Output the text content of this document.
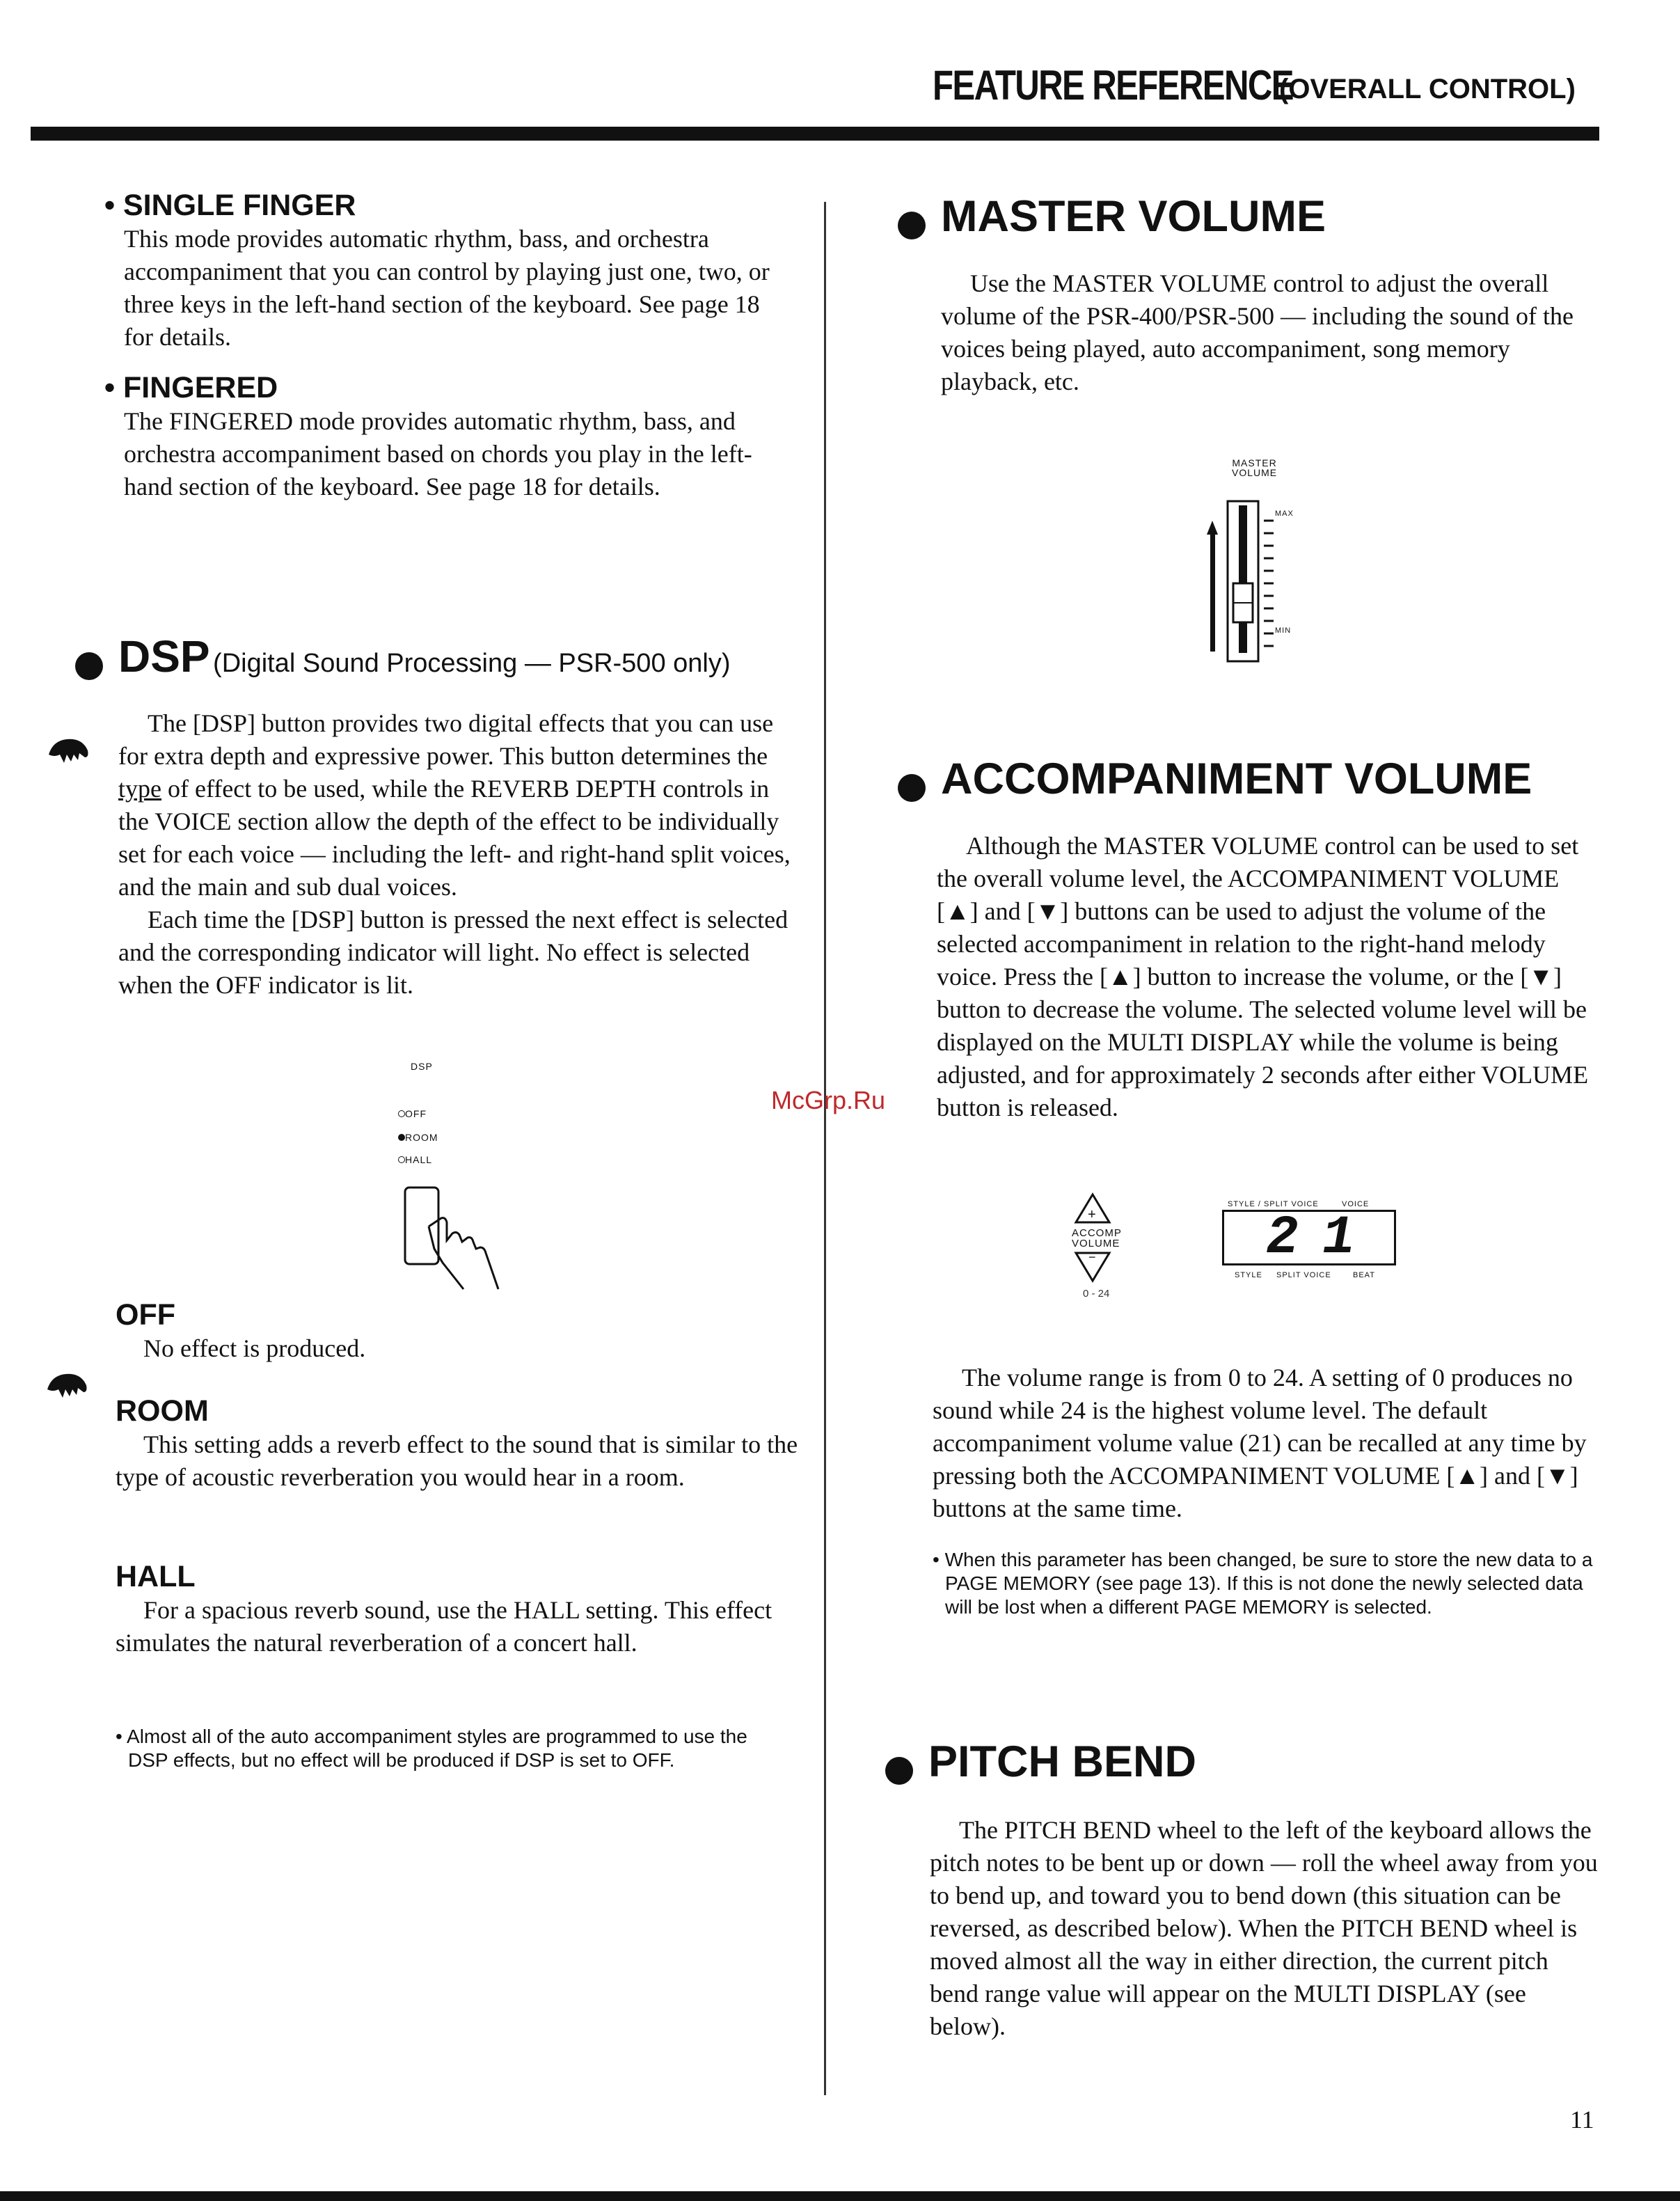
FEATURE REFERENCE
(OVERALL CONTROL)
• SINGLE FINGER

This mode provides automatic rhythm, bass, and orchestra accompaniment that you can control by playing just one, two, or three keys in the left-hand section of the keyboard. See page 18 for details.

• FINGERED

The FINGERED mode provides automatic rhythm, bass, and orchestra accompaniment based on chords you play in the left-hand section of the keyboard. See page 18 for details.

DSP (Digital Sound Processing — PSR-500 only)

The [DSP] button provides two digital effects that you can use for extra depth and expressive power. This button determines the type of effect to be used, while the REVERB DEPTH controls in the VOICE section allow the depth of the effect to be individually set for each voice — including the left- and right-hand split voices, and the main and sub dual voices.

Each time the [DSP] button is pressed the next effect is selected and the corresponding indicator will light. No effect is selected when the OFF indicator is lit.

DSP
OFF
ROOM
HALL
OFF

No effect is produced.

ROOM

This setting adds a reverb effect to the sound that is similar to the type of acoustic reverberation you would hear in a room.

HALL

For a spacious reverb sound, use the HALL setting. This effect simulates the natural reverberation of a concert hall.

• Almost all of the auto accompaniment styles are programmed to use the DSP effects, but no effect will be produced if DSP is set to OFF.
MASTER VOLUME

Use the MASTER VOLUME control to adjust the overall volume of the PSR-400/PSR-500 — including the sound of the voices being played, auto accompaniment, song memory playback, etc.

MASTER
VOLUME
MAX
MIN
ACCOMPANIMENT VOLUME

Although the MASTER VOLUME control can be used to set the overall volume level, the ACCOMPANIMENT VOLUME [▲] and [▼] buttons can be used to adjust the volume of the selected accompaniment in relation to the right-hand melody voice. Press the [▲] button to increase the volume, or the [▼] button to decrease the volume. The selected volume level will be displayed on the MULTI DISPLAY while the volume is being adjusted, and for approximately 2 seconds after either VOLUME button is released.

+
ACCOMP
VOLUME
−
0 - 24
STYLE / SPLIT VOICE	VOICE
21
STYLE SPLIT VOICE	BEAT

The volume range is from 0 to 24. A setting of 0 produces no sound while 24 is the highest volume level. The default accompaniment volume value (21) can be recalled at any time by pressing both the ACCOMPANIMENT VOLUME [▲] and [▼] buttons at the same time.

• When this parameter has been changed, be sure to store the new data to a PAGE MEMORY (see page 13). If this is not done the newly selected data will be lost when a different PAGE MEMORY is selected.
PITCH BEND

The PITCH BEND wheel to the left of the keyboard allows the pitch notes to be bent up or down — roll the wheel away from you to bend up, and toward you to bend down (this situation can be reversed, as described below). When the PITCH BEND wheel is moved almost all the way in either direction, the current pitch bend range value will appear on the MULTI DISPLAY (see below).

McGrp.Ru
11
